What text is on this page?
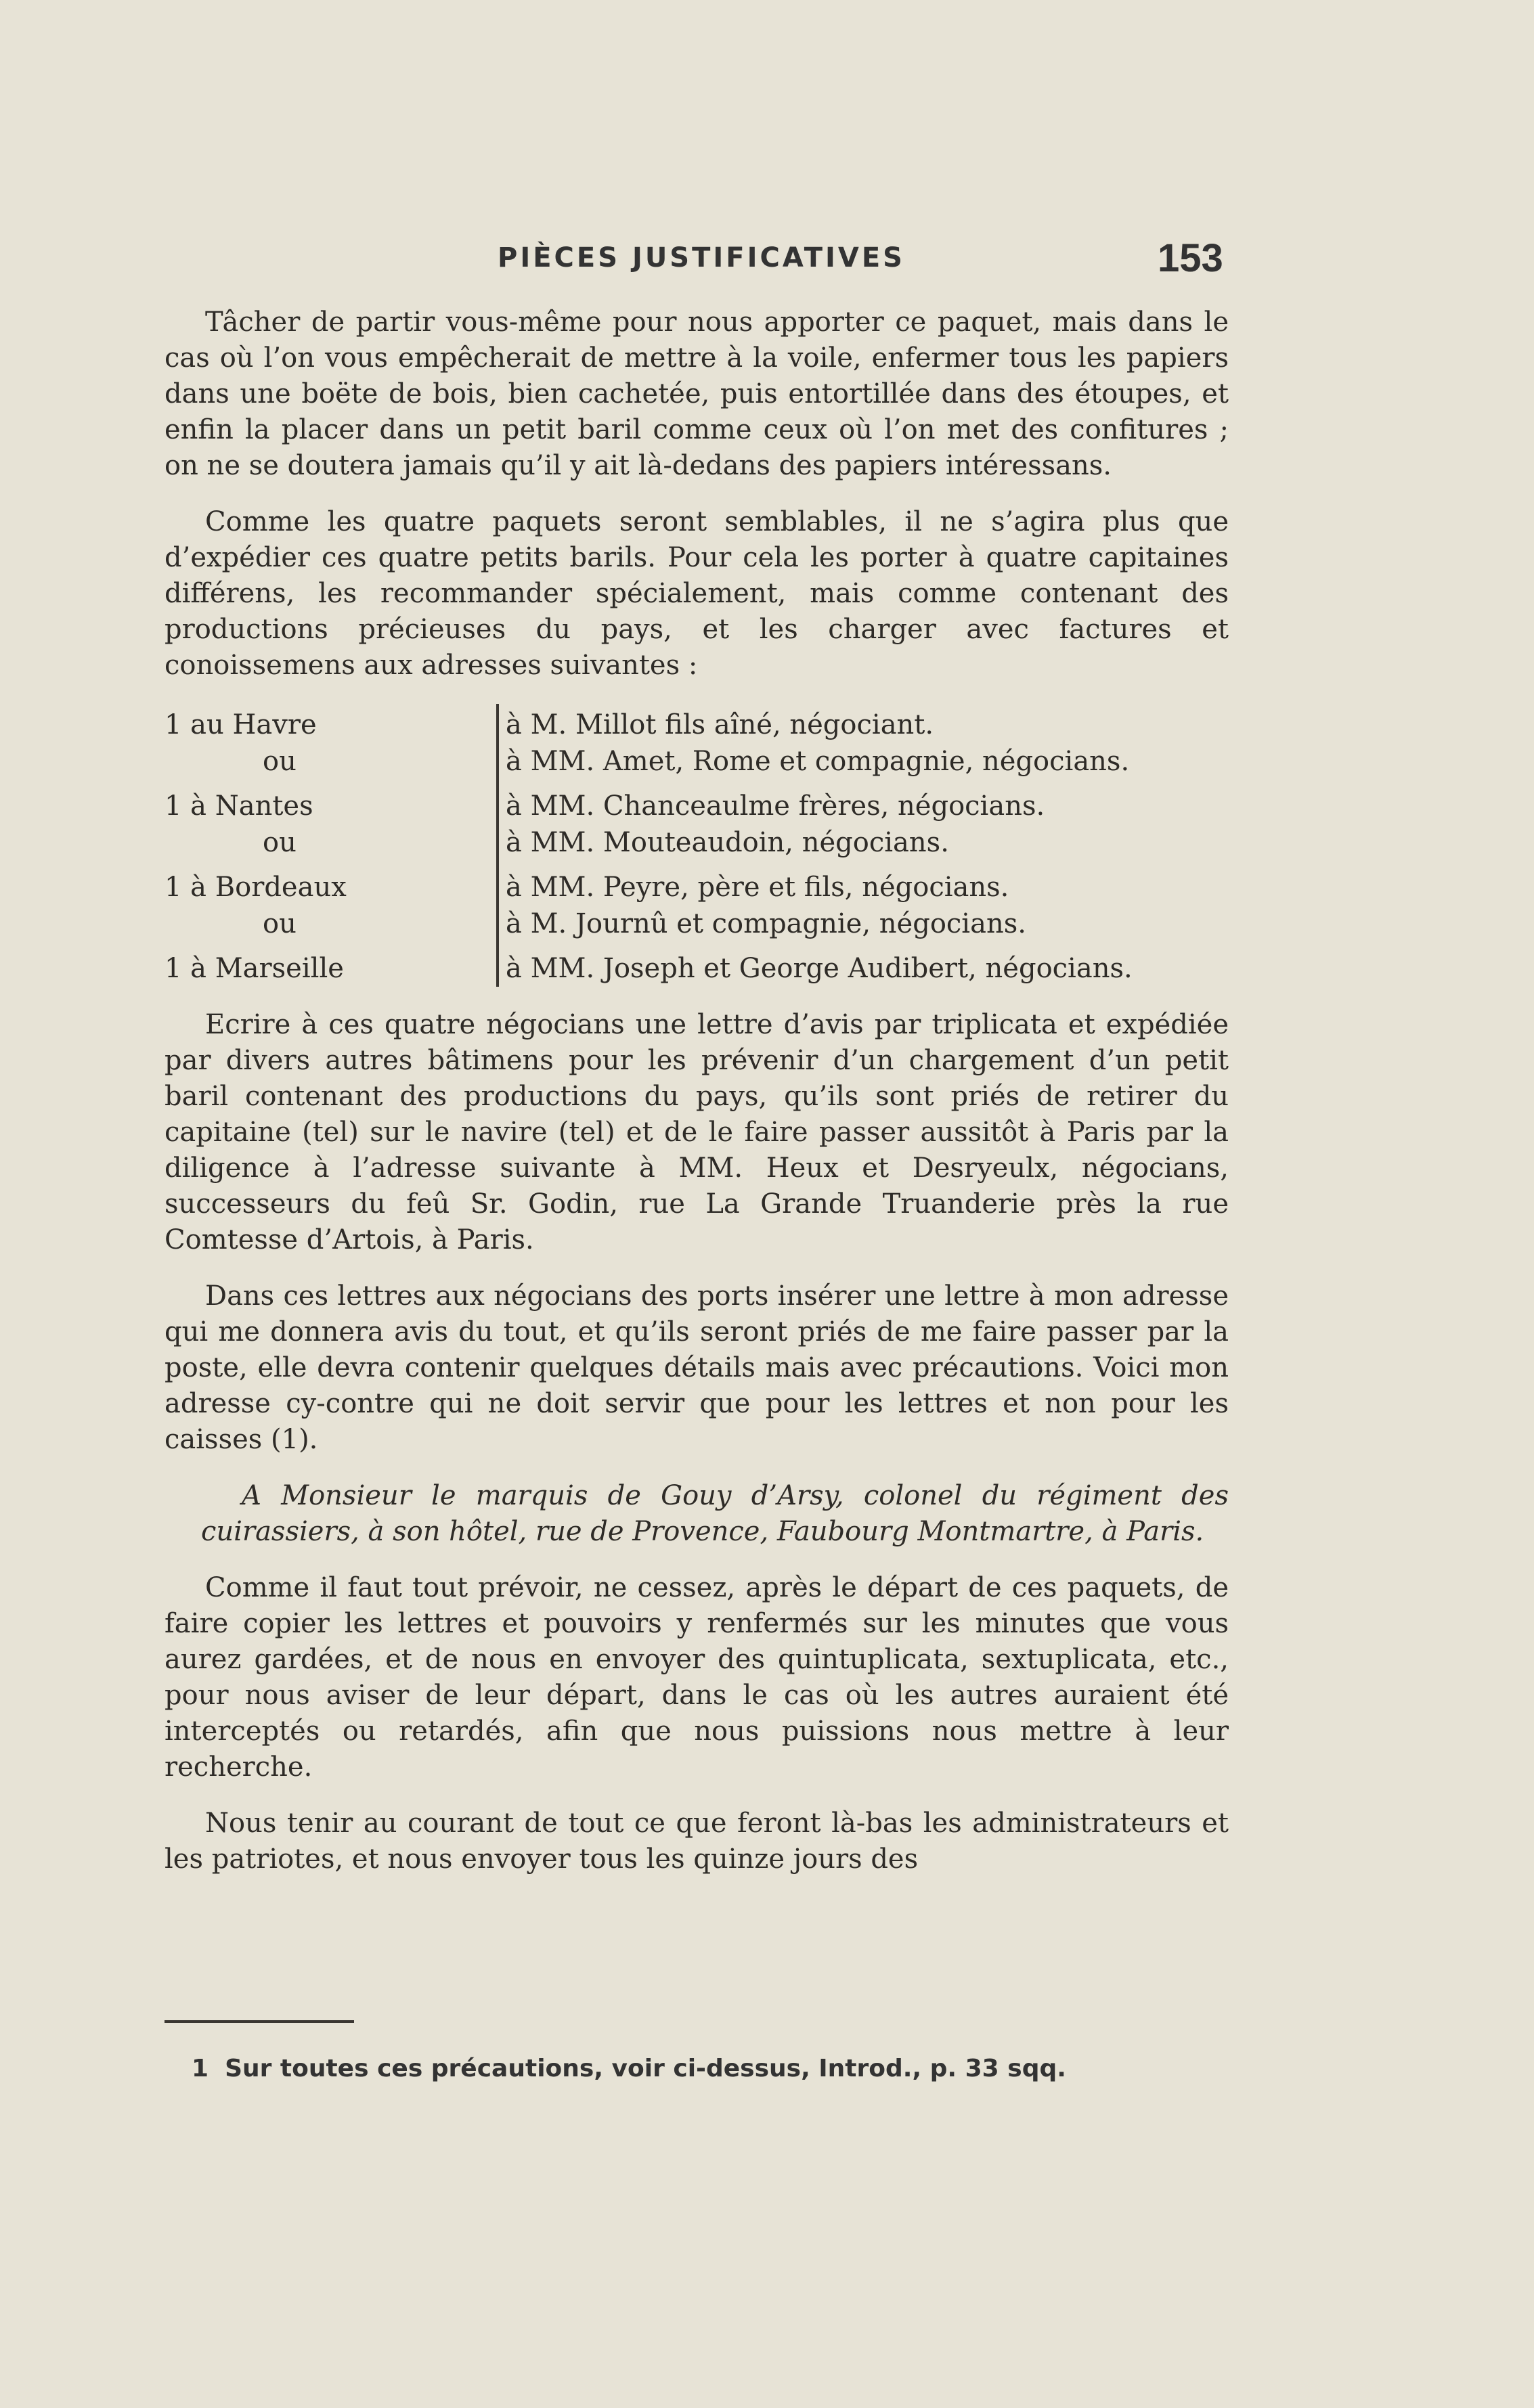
PIÈCES JUSTIFICATIVES	153

Tâcher de partir vous-même pour nous apporter ce paquet, mais dans le cas où l’on vous empêcherait de mettre à la voile, enfermer tous les papiers dans une boëte de bois, bien cachetée, puis entortillée dans des étoupes, et enfin la placer dans un petit baril comme ceux où l’on met des confitures ; on ne se doutera jamais qu’il y ait là-dedans des papiers intéressans.

Comme les quatre paquets seront semblables, il ne s’agira plus que d’expédier ces quatre petits barils. Pour cela les porter à quatre capitaines différens, les recommander spécialement, mais comme contenant des productions précieuses du pays, et les charger avec factures et conoissemens aux adresses suivantes :

1 au Havre	à M. Millot fils aîné, négociant.
ou	à MM. Amet, Rome et compagnie, négocians.
1 à Nantes	à MM. Chanceaulme frères, négocians.
ou	à MM. Mouteaudoin, négocians.
1 à Bordeaux	à MM. Peyre, père et fils, négocians.
ou	à M. Journû et compagnie, négocians.
1 à Marseille	à MM. Joseph et George Audibert, négocians.

Ecrire à ces quatre négocians une lettre d’avis par triplicata et expédiée par divers autres bâtimens pour les prévenir d’un chargement d’un petit baril contenant des productions du pays, qu’ils sont priés de retirer du capitaine (tel) sur le navire (tel) et de le faire passer aussitôt à Paris par la diligence à l’adresse suivante à MM. Heux et Desryeulx, négocians, successeurs du feû Sr. Godin, rue La Grande Truanderie près la rue Comtesse d’Artois, à Paris.

Dans ces lettres aux négocians des ports insérer une lettre à mon adresse qui me donnera avis du tout, et qu’ils seront priés de me faire passer par la poste, elle devra contenir quelques détails mais avec précautions. Voici mon adresse cy-contre qui ne doit servir que pour les lettres et non pour les caisses (1).

A Monsieur le marquis de Gouy d’Arsy, colonel du régiment des cuirassiers, à son hôtel, rue de Provence, Faubourg Montmartre, à Paris.

Comme il faut tout prévoir, ne cessez, après le départ de ces paquets, de faire copier les lettres et pouvoirs y renfermés sur les minutes que vous aurez gardées, et de nous en envoyer des quintuplicata, sextuplicata, etc., pour nous aviser de leur départ, dans le cas où les autres auraient été interceptés ou retardés, afin que nous puissions nous mettre à leur recherche.

Nous tenir au courant de tout ce que feront là-bas les administrateurs et les patriotes, et nous envoyer tous les quinze jours des

1 Sur toutes ces précautions, voir ci-dessus, Introd., p. 33 sqq.
